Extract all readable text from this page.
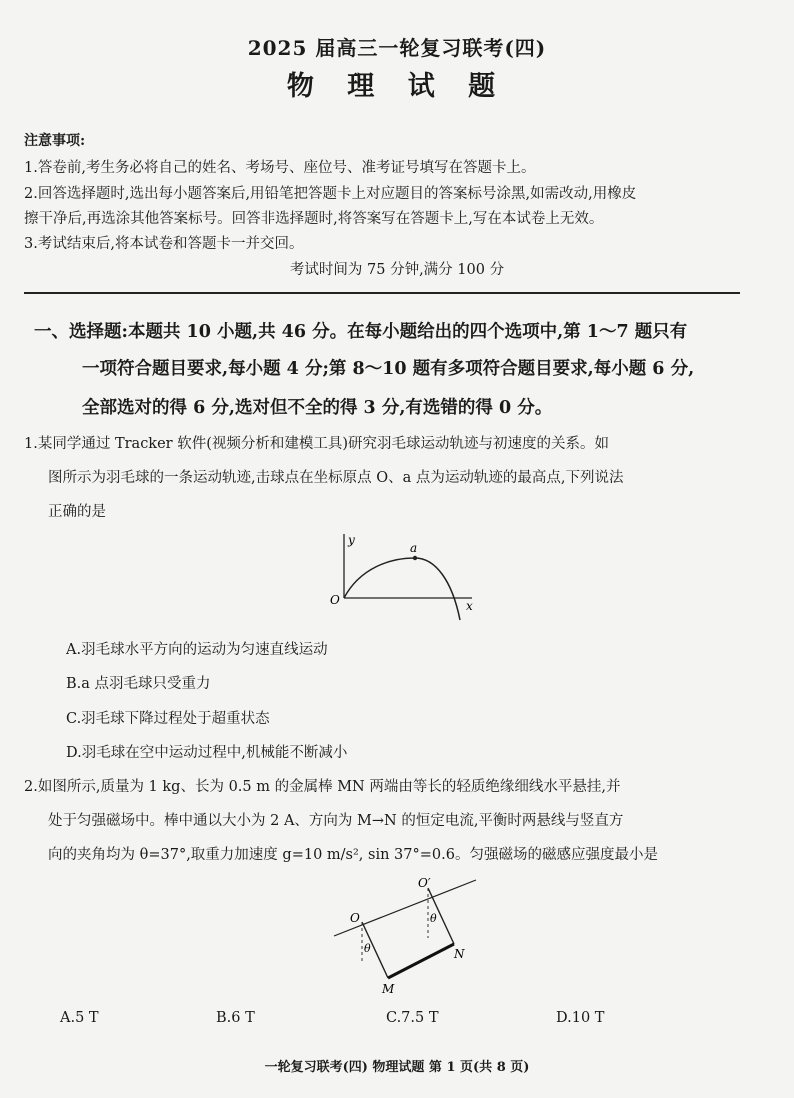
2025 届高三一轮复习联考(四)
物 理 试 题
注意事项:
1.答卷前,考生务必将自己的姓名、考场号、座位号、准考证号填写在答题卡上。
2.回答选择题时,选出每小题答案后,用铅笔把答题卡上对应题目的答案标号涂黑,如需改动,用橡皮
擦干净后,再选涂其他答案标号。回答非选择题时,将答案写在答题卡上,写在本试卷上无效。
3.考试结束后,将本试卷和答题卡一并交回。
考试时间为 75 分钟,满分 100 分
一、选择题:本题共 10 小题,共 46 分。在每小题给出的四个选项中,第 1～7 题只有
一项符合题目要求,每小题 4 分;第 8～10 题有多项符合题目要求,每小题 6 分,
全部选对的得 6 分,选对但不全的得 3 分,有选错的得 0 分。
1.某同学通过 Tracker 软件(视频分析和建模工具)研究羽毛球运动轨迹与初速度的关系。如
图所示为羽毛球的一条运动轨迹,击球点在坐标原点 O、a 点为运动轨迹的最高点,下列说法
正确的是
y
x
O
a
A.羽毛球水平方向的运动为匀速直线运动
B.a 点羽毛球只受重力
C.羽毛球下降过程处于超重状态
D.羽毛球在空中运动过程中,机械能不断减小
2.如图所示,质量为 1 kg、长为 0.5 m 的金属棒 MN 两端由等长的轻质绝缘细线水平悬挂,并
处于匀强磁场中。棒中通以大小为 2 A、方向为 M→N 的恒定电流,平衡时两悬线与竖直方
向的夹角均为 θ=37°,取重力加速度 g=10 m/s², sin 37°=0.6。匀强磁场的磁感应强度最小是
O
O′
θ
θ
M
N
A.5 T	B.6 T	C.7.5 T	D.10 T
一轮复习联考(四) 物理试题 第 1 页(共 8 页)
